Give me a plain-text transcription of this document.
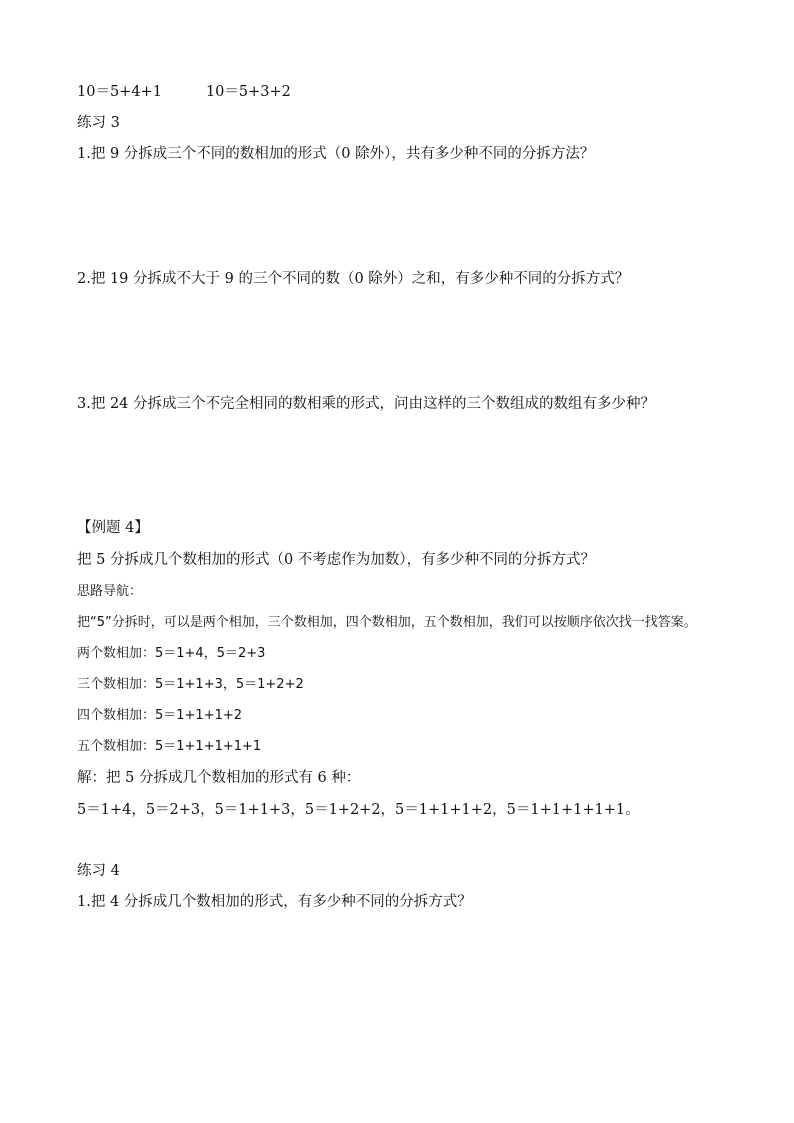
10＝5+4+1	10＝5+3+2
练习 3
1.把 9 分拆成三个不同的数相加的形式（0 除外），共有多少种不同的分拆方法？
2.把 19 分拆成不大于 9 的三个不同的数（0 除外）之和，有多少种不同的分拆方式？
3.把 24 分拆成三个不完全相同的数相乘的形式，问由这样的三个数组成的数组有多少种？
【例题 4】
把 5 分拆成几个数相加的形式（0 不考虑作为加数），有多少种不同的分拆方式？
思路导航：
把“5”分拆时，可以是两个相加，三个数相加，四个数相加，五个数相加，我们可以按顺序依次找一找答案。
两个数相加：5＝1+4，5＝2+3
三个数相加：5＝1+1+3，5＝1+2+2
四个数相加：5＝1+1+1+2
五个数相加：5＝1+1+1+1+1
解：把 5 分拆成几个数相加的形式有 6 种：
5＝1+4，5＝2+3，5＝1+1+3，5＝1+2+2，5＝1+1+1+2，5＝1+1+1+1+1。
练习 4
1.把 4 分拆成几个数相加的形式，有多少种不同的分拆方式？
